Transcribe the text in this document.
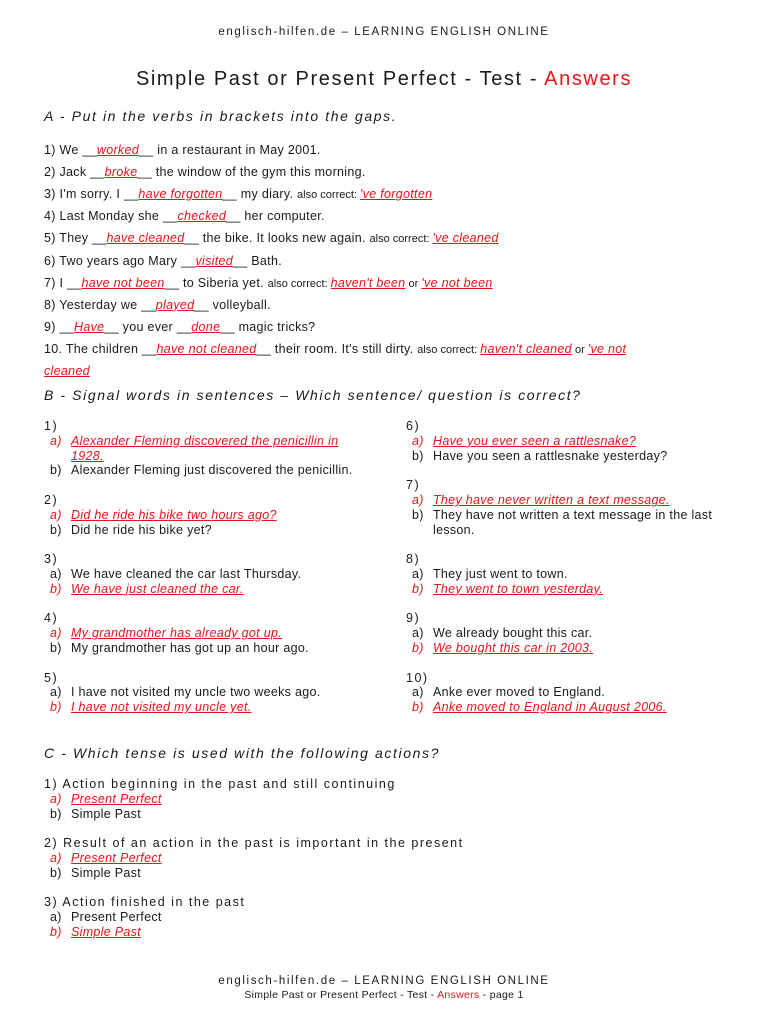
englisch-hilfen.de – LEARNING ENGLISH ONLINE
Simple Past or Present Perfect - Test - Answers
A - Put in the verbs in brackets into the gaps.
1) We __worked__ in a restaurant in May 2001.
2) Jack __broke__ the window of the gym this morning.
3) I'm sorry. I __have forgotten__ my diary. also correct: 've forgotten
4) Last Monday she __checked__ her computer.
5) They __have cleaned__ the bike. It looks new again. also correct: 've cleaned
6) Two years ago Mary __visited__ Bath.
7) I __have not been__ to Siberia yet. also correct: haven't been or 've not been
8) Yesterday we __played__ volleyball.
9) __Have__ you ever __done__ magic tricks?
10. The children __have not cleaned__ their room. It's still dirty. also correct: haven't cleaned or 've not
cleaned
B - Signal words in sentences – Which sentence/ question is correct?
1)
a) Alexander Fleming discovered the penicillin in 1928.
b) Alexander Fleming just discovered the penicillin.
2)
a) Did he ride his bike two hours ago?
b) Did he ride his bike yet?
3)
a) We have cleaned the car last Thursday.
b) We have just cleaned the car.
4)
a) My grandmother has already got up.
b) My grandmother has got up an hour ago.
5)
a) I have not visited my uncle two weeks ago.
b) I have not visited my uncle yet.
6)
a) Have you ever seen a rattlesnake?
b) Have you seen a rattlesnake yesterday?
7)
a) They have never written a text message.
b) They have not written a text message in the last lesson.
8)
a) They just went to town.
b) They went to town yesterday.
9)
a) We already bought this car.
b) We bought this car in 2003.
10)
a) Anke ever moved to England.
b) Anke moved to England in August 2006.
C - Which tense is used with the following actions?
1) Action beginning in the past and still continuing
a) Present Perfect
b) Simple Past
2) Result of an action in the past is important in the present
a) Present Perfect
b) Simple Past
3) Action finished in the past
a) Present Perfect
b) Simple Past
englisch-hilfen.de – LEARNING ENGLISH ONLINE
Simple Past or Present Perfect - Test - Answers - page 1
